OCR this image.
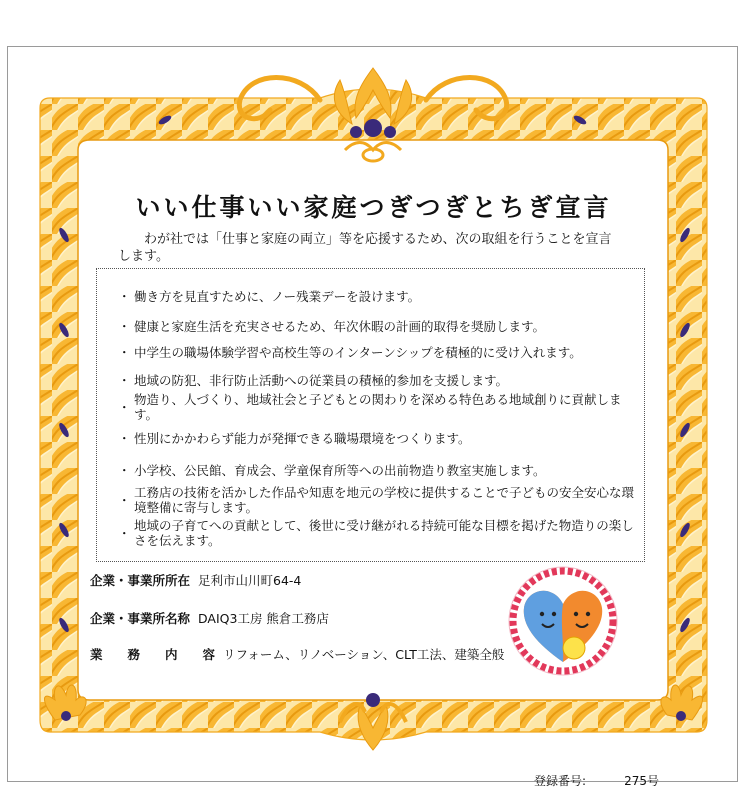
いい仕事いい家庭つぎつぎとちぎ宣言
わが社では「仕事と家庭の両立」等を応援するため、次の取組を行うことを宣言します。
・ 働き方を見直すために、ノー残業デーを設けます。
・ 健康と家庭生活を充実させるため、年次休暇の計画的取得を奨励します。
・ 中学生の職場体験学習や高校生等のインターンシップを積極的に受け入れます。
・ 地域の防犯、非行防止活動への従業員の積極的参加を支援します。
・
物造り、人づくり、地域社会と子どもとの関わりを深める特色ある地域創りに貢献します。
・ 性別にかかわらず能力が発揮できる職場環境をつくります。
・ 小学校、公民館、育成会、学童保育所等への出前物造り教室実施します。
・
工務店の技術を活かした作品や知恵を地元の学校に提供することで子どもの安全安心な環境整備に寄与します。
・
地域の子育てへの貢献として、後世に受け継がれる持続可能な目標を掲げた物造りの楽しさを伝えます。
企業・事業所所在 足利市山川町64-4
企業・事業所名称 DAIQ3工房 熊倉工務店
業　　務　　内　　容 リフォーム、リノベーション、CLT工法、建築全般
登録番号:	275号
